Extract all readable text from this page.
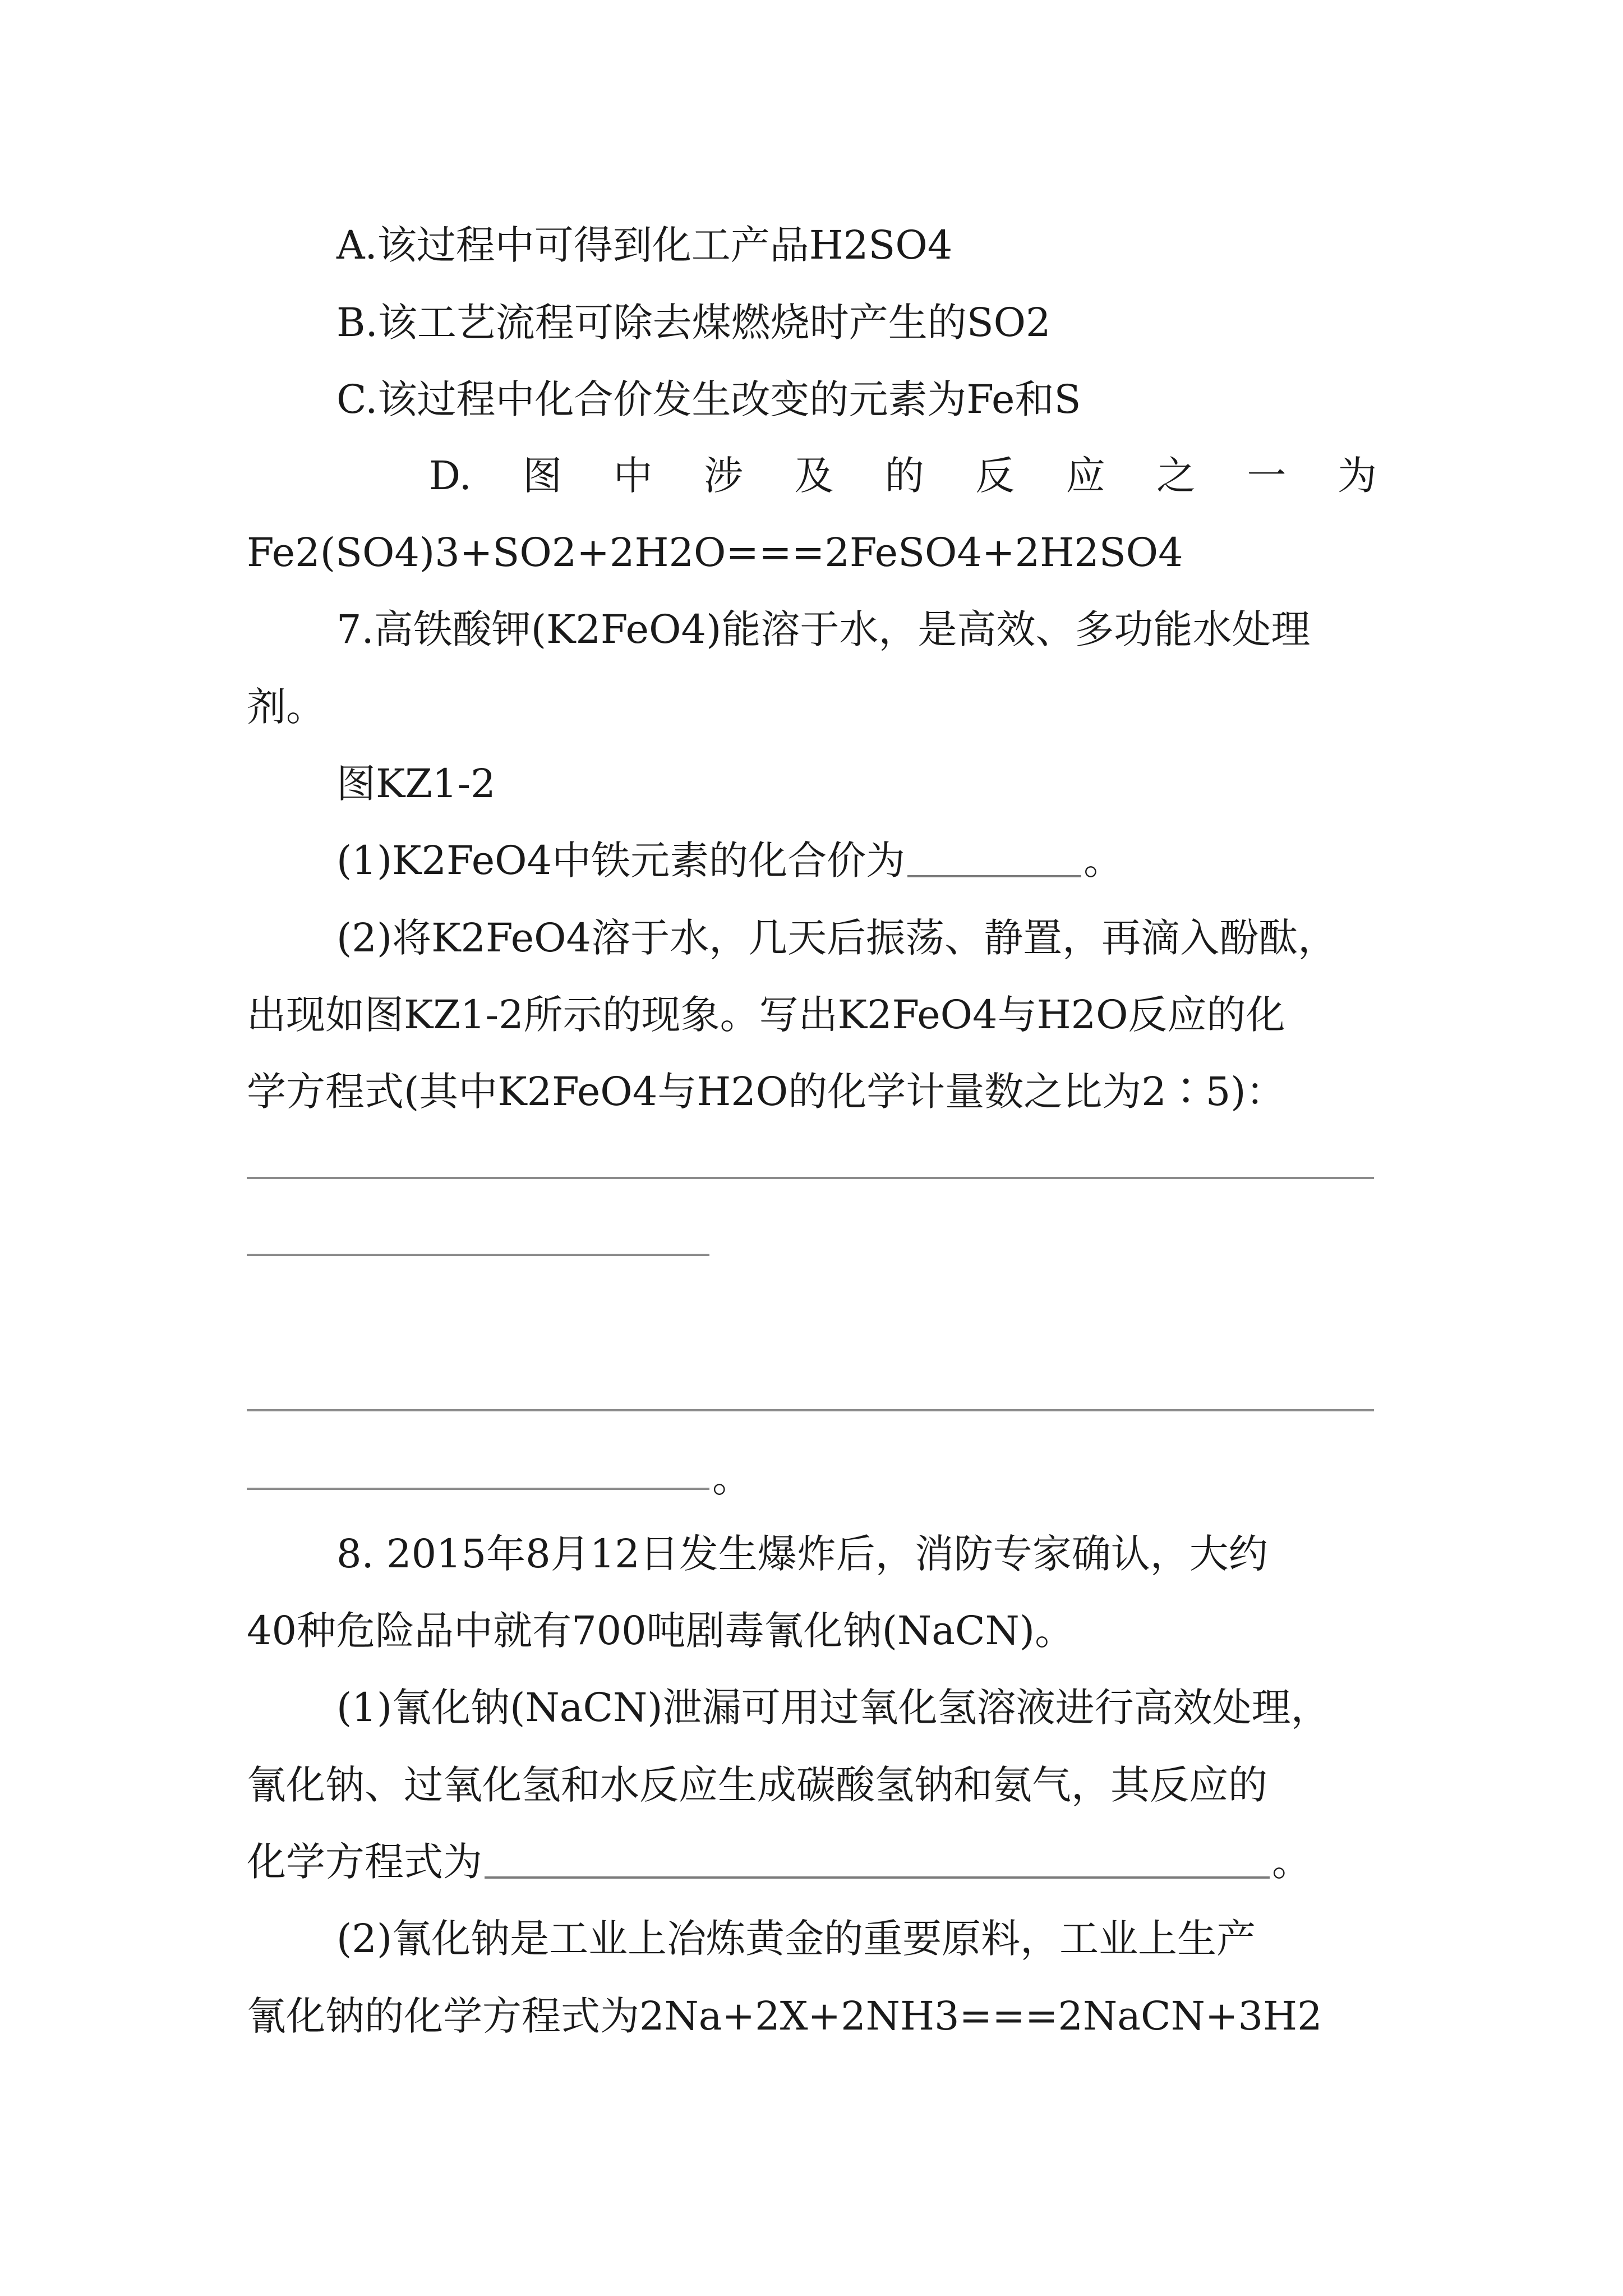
A.该过程中可得到化工产品H2SO4
B.该工艺流程可除去煤燃烧时产生的SO2
C.该过程中化合价发生改变的元素为Fe和S
D. 图 中 涉 及 的 反 应 之 一 为
Fe2(SO4)3+SO2+2H2O===2FeSO4+2H2SO4
7.高铁酸钾(K2FeO4)能溶于水，是高效、多功能水处理
剂。
图KZ1-2
(1)K2FeO4中铁元素的化合价为	。
(2)将K2FeO4溶于水，几天后振荡、静置，再滴入酚酞，
出现如图KZ1-2所示的现象。写出K2FeO4与H2O反应的化
学方程式(其中K2FeO4与H2O的化学计量数之比为2∶5)：
。
8. 2015年8月12日发生爆炸后，消防专家确认，大约
40种危险品中就有700吨剧毒氰化钠(NaCN)。
(1)氰化钠(NaCN)泄漏可用过氧化氢溶液进行高效处理，
氰化钠、过氧化氢和水反应生成碳酸氢钠和氨气，其反应的
化学方程式为	。
(2)氰化钠是工业上冶炼黄金的重要原料，工业上生产
氰化钠的化学方程式为2Na+2X+2NH3===2NaCN+3H2
